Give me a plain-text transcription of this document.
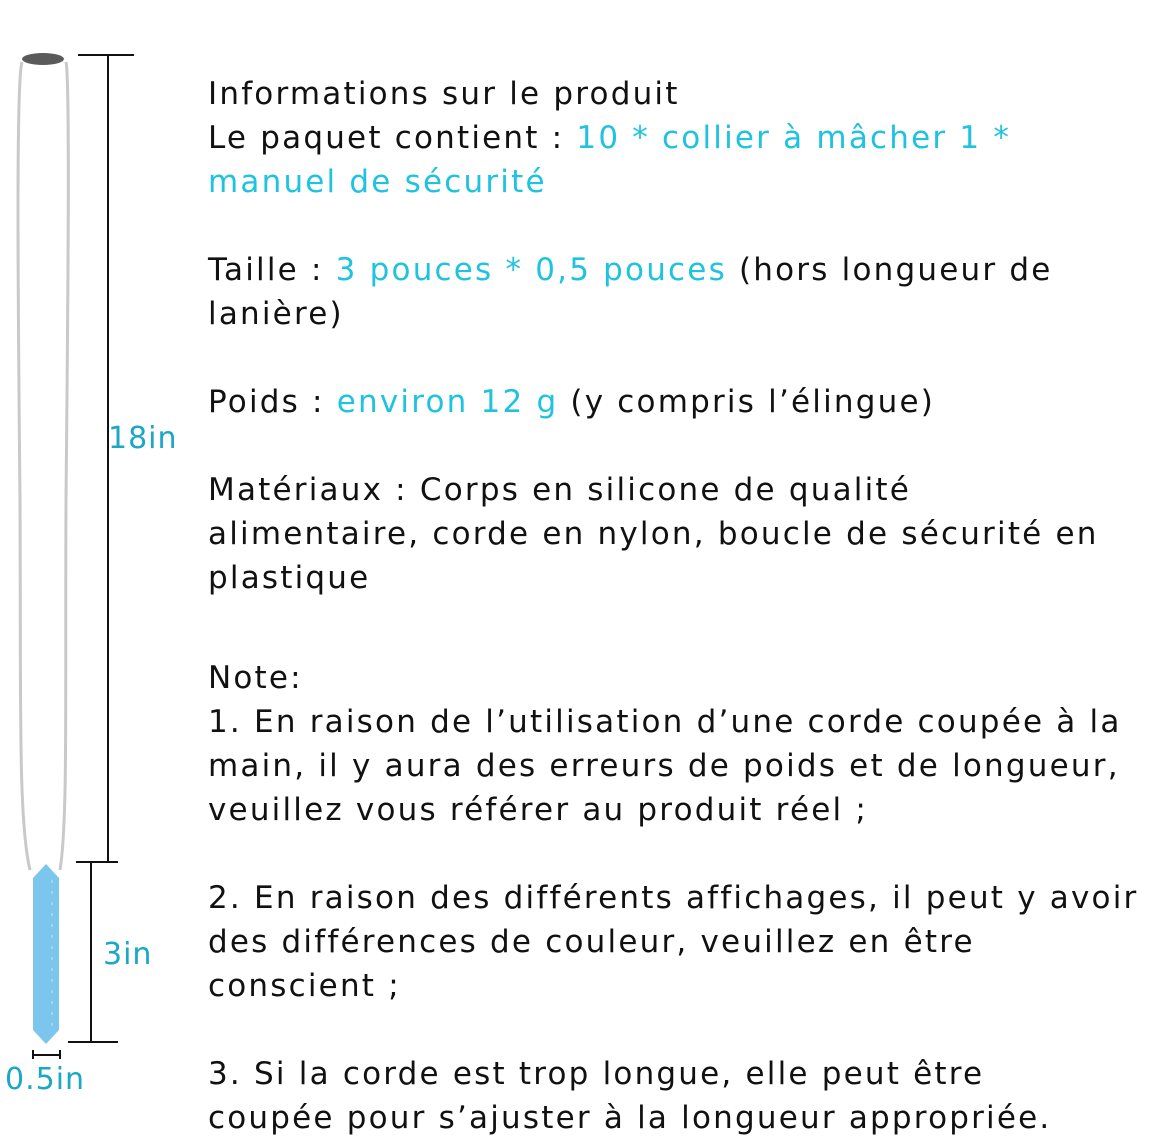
18in
3in
0.5in
Informations sur le produit
Le paquet contient : 10 * collier à mâcher 1 *
manuel de sécurité
Taille : 3 pouces * 0,5 pouces (hors longueur de
lanière)
Poids : environ 12 g (y compris l’élingue)
Matériaux : Corps en silicone de qualité
alimentaire, corde en nylon, boucle de sécurité en
plastique
Note:
1. En raison de l’utilisation d’une corde coupée à la
main, il y aura des erreurs de poids et de longueur,
veuillez vous référer au produit réel ;
2. En raison des différents affichages, il peut y avoir
des différences de couleur, veuillez en être
conscient ;
3. Si la corde est trop longue, elle peut être
coupée pour s’ajuster à la longueur appropriée.
